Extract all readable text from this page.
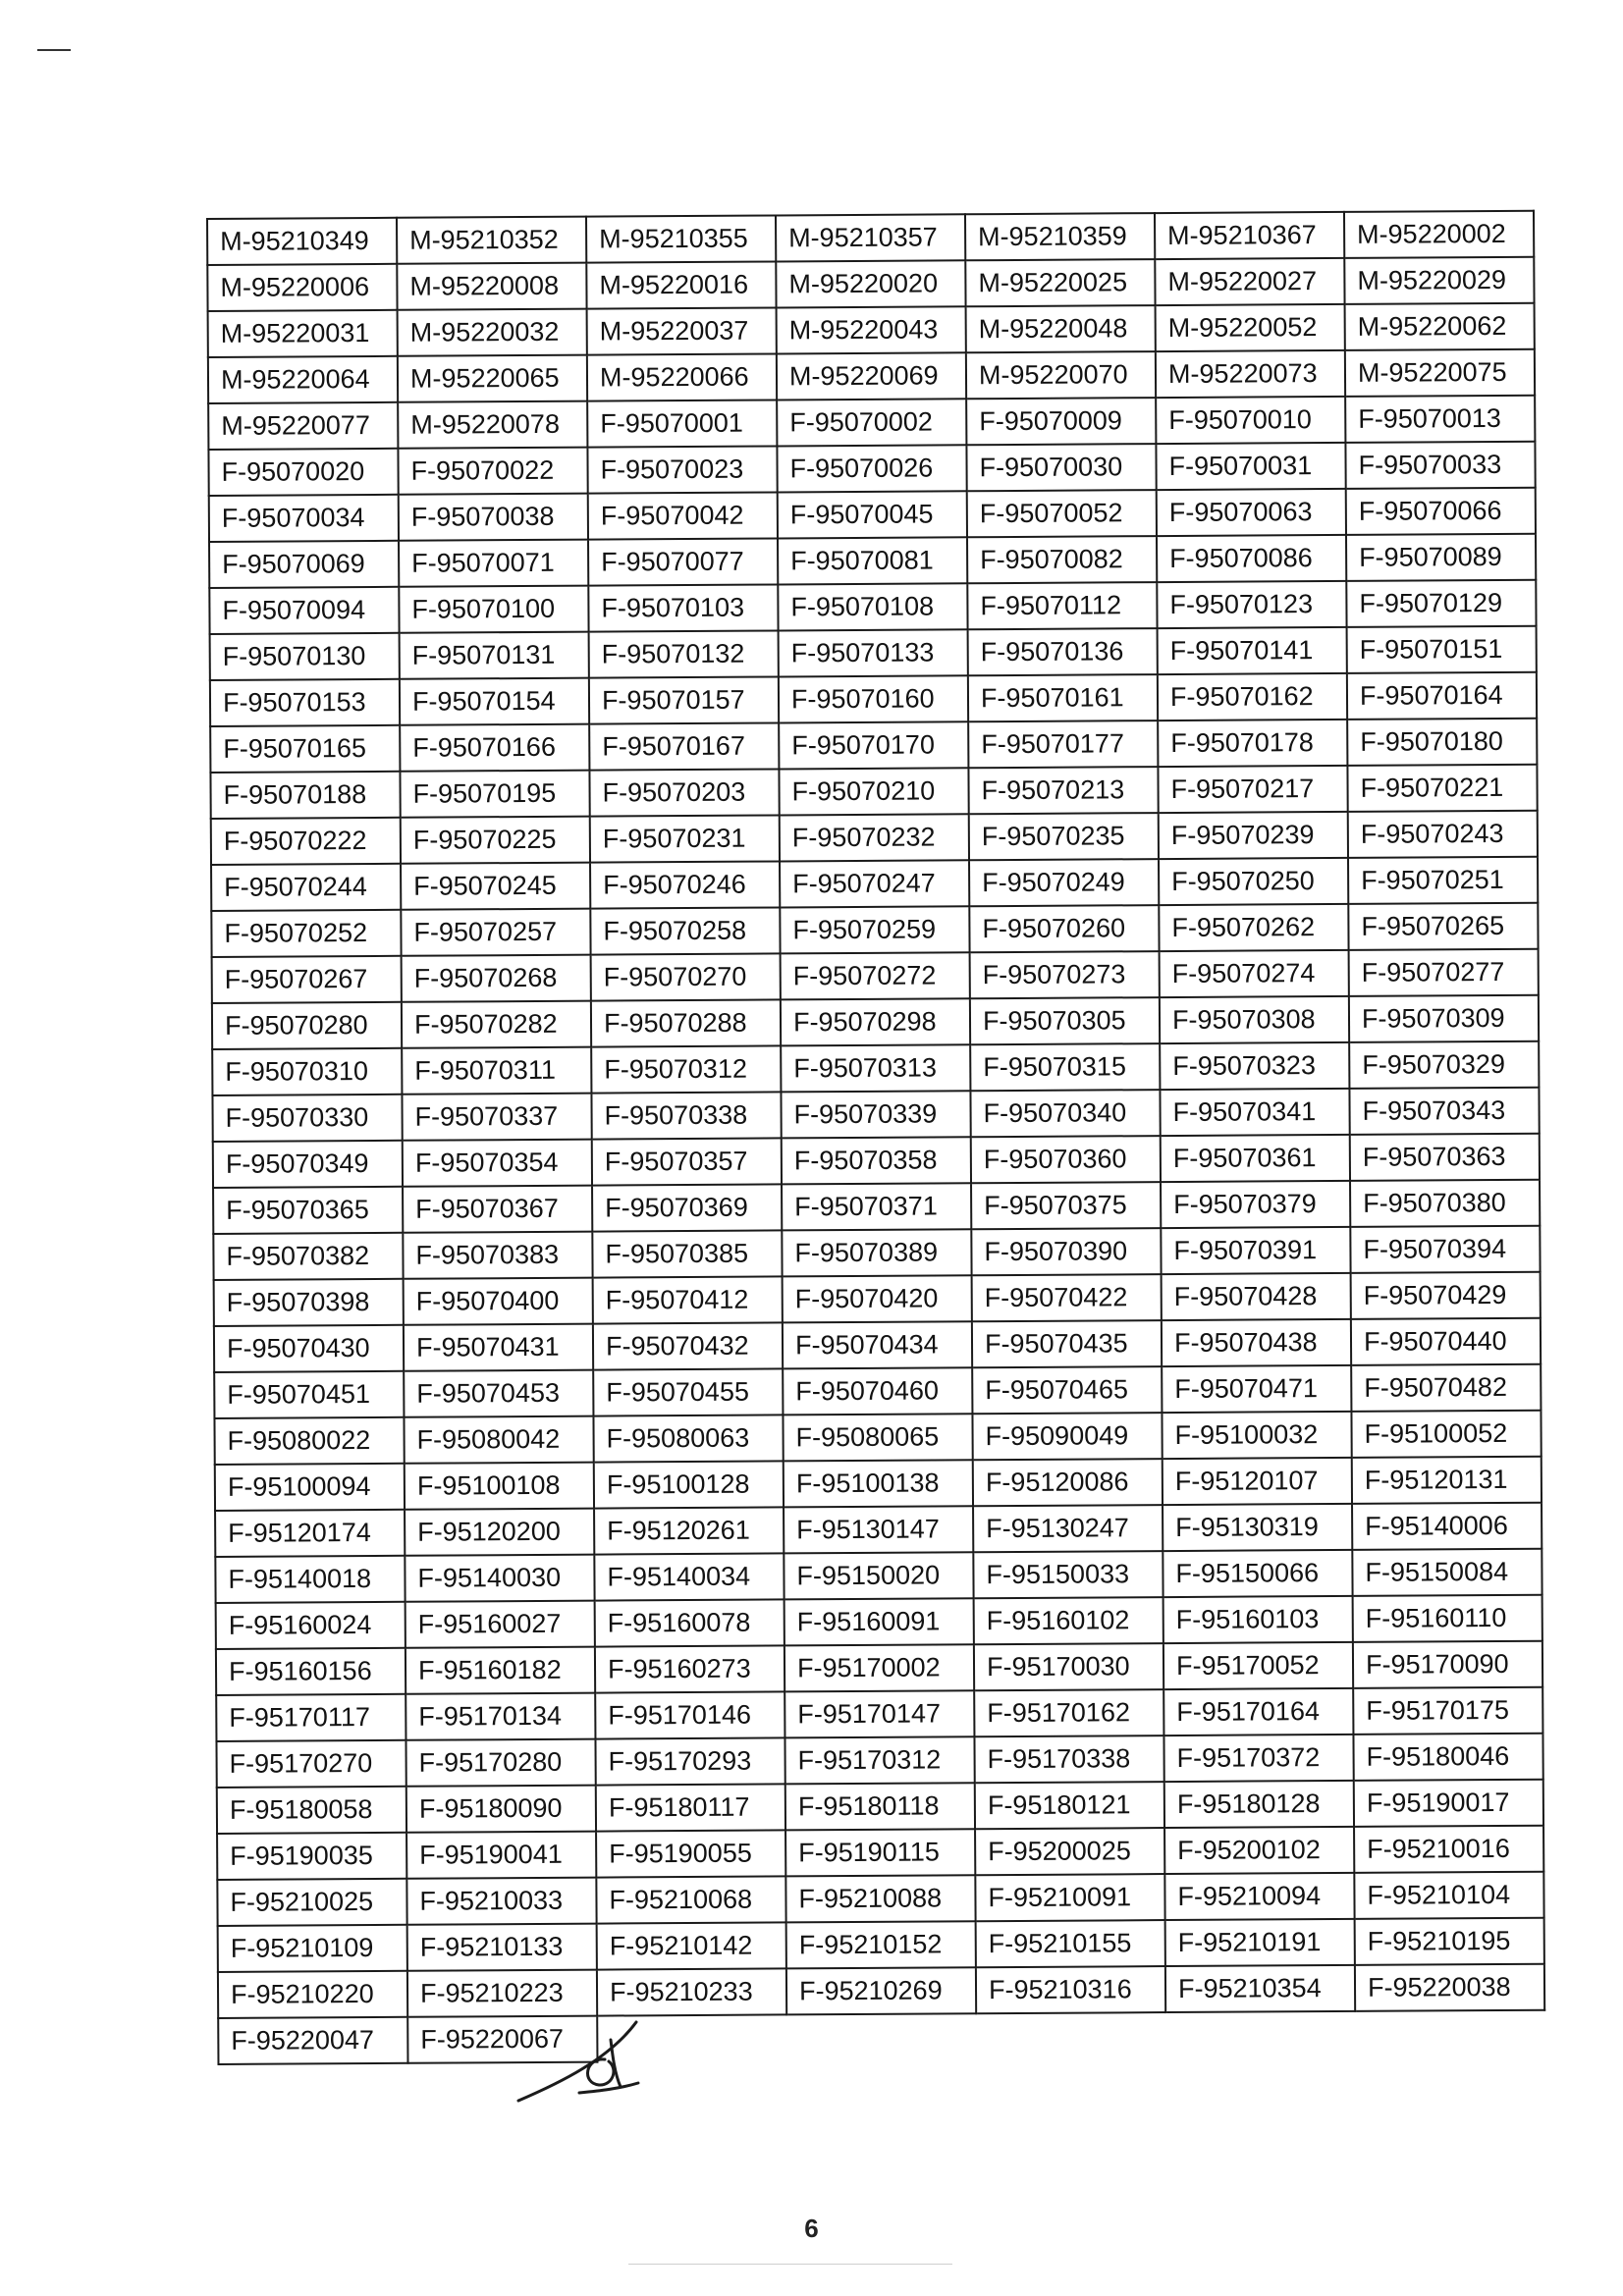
M-95210349	M-95210352	M-95210355	M-95210357	M-95210359	M-95210367	M-95220002
M-95220006	M-95220008	M-95220016	M-95220020	M-95220025	M-95220027	M-95220029
M-95220031	M-95220032	M-95220037	M-95220043	M-95220048	M-95220052	M-95220062
M-95220064	M-95220065	M-95220066	M-95220069	M-95220070	M-95220073	M-95220075
M-95220077	M-95220078	F-95070001	F-95070002	F-95070009	F-95070010	F-95070013
F-95070020	F-95070022	F-95070023	F-95070026	F-95070030	F-95070031	F-95070033
F-95070034	F-95070038	F-95070042	F-95070045	F-95070052	F-95070063	F-95070066
F-95070069	F-95070071	F-95070077	F-95070081	F-95070082	F-95070086	F-95070089
F-95070094	F-95070100	F-95070103	F-95070108	F-95070112	F-95070123	F-95070129
F-95070130	F-95070131	F-95070132	F-95070133	F-95070136	F-95070141	F-95070151
F-95070153	F-95070154	F-95070157	F-95070160	F-95070161	F-95070162	F-95070164
F-95070165	F-95070166	F-95070167	F-95070170	F-95070177	F-95070178	F-95070180
F-95070188	F-95070195	F-95070203	F-95070210	F-95070213	F-95070217	F-95070221
F-95070222	F-95070225	F-95070231	F-95070232	F-95070235	F-95070239	F-95070243
F-95070244	F-95070245	F-95070246	F-95070247	F-95070249	F-95070250	F-95070251
F-95070252	F-95070257	F-95070258	F-95070259	F-95070260	F-95070262	F-95070265
F-95070267	F-95070268	F-95070270	F-95070272	F-95070273	F-95070274	F-95070277
F-95070280	F-95070282	F-95070288	F-95070298	F-95070305	F-95070308	F-95070309
F-95070310	F-95070311	F-95070312	F-95070313	F-95070315	F-95070323	F-95070329
F-95070330	F-95070337	F-95070338	F-95070339	F-95070340	F-95070341	F-95070343
F-95070349	F-95070354	F-95070357	F-95070358	F-95070360	F-95070361	F-95070363
F-95070365	F-95070367	F-95070369	F-95070371	F-95070375	F-95070379	F-95070380
F-95070382	F-95070383	F-95070385	F-95070389	F-95070390	F-95070391	F-95070394
F-95070398	F-95070400	F-95070412	F-95070420	F-95070422	F-95070428	F-95070429
F-95070430	F-95070431	F-95070432	F-95070434	F-95070435	F-95070438	F-95070440
F-95070451	F-95070453	F-95070455	F-95070460	F-95070465	F-95070471	F-95070482
F-95080022	F-95080042	F-95080063	F-95080065	F-95090049	F-95100032	F-95100052
F-95100094	F-95100108	F-95100128	F-95100138	F-95120086	F-95120107	F-95120131
F-95120174	F-95120200	F-95120261	F-95130147	F-95130247	F-95130319	F-95140006
F-95140018	F-95140030	F-95140034	F-95150020	F-95150033	F-95150066	F-95150084
F-95160024	F-95160027	F-95160078	F-95160091	F-95160102	F-95160103	F-95160110
F-95160156	F-95160182	F-95160273	F-95170002	F-95170030	F-95170052	F-95170090
F-95170117	F-95170134	F-95170146	F-95170147	F-95170162	F-95170164	F-95170175
F-95170270	F-95170280	F-95170293	F-95170312	F-95170338	F-95170372	F-95180046
F-95180058	F-95180090	F-95180117	F-95180118	F-95180121	F-95180128	F-95190017
F-95190035	F-95190041	F-95190055	F-95190115	F-95200025	F-95200102	F-95210016
F-95210025	F-95210033	F-95210068	F-95210088	F-95210091	F-95210094	F-95210104
F-95210109	F-95210133	F-95210142	F-95210152	F-95210155	F-95210191	F-95210195
F-95210220	F-95210223	F-95210233	F-95210269	F-95210316	F-95210354	F-95220038
F-95220047	F-95220067					
6
